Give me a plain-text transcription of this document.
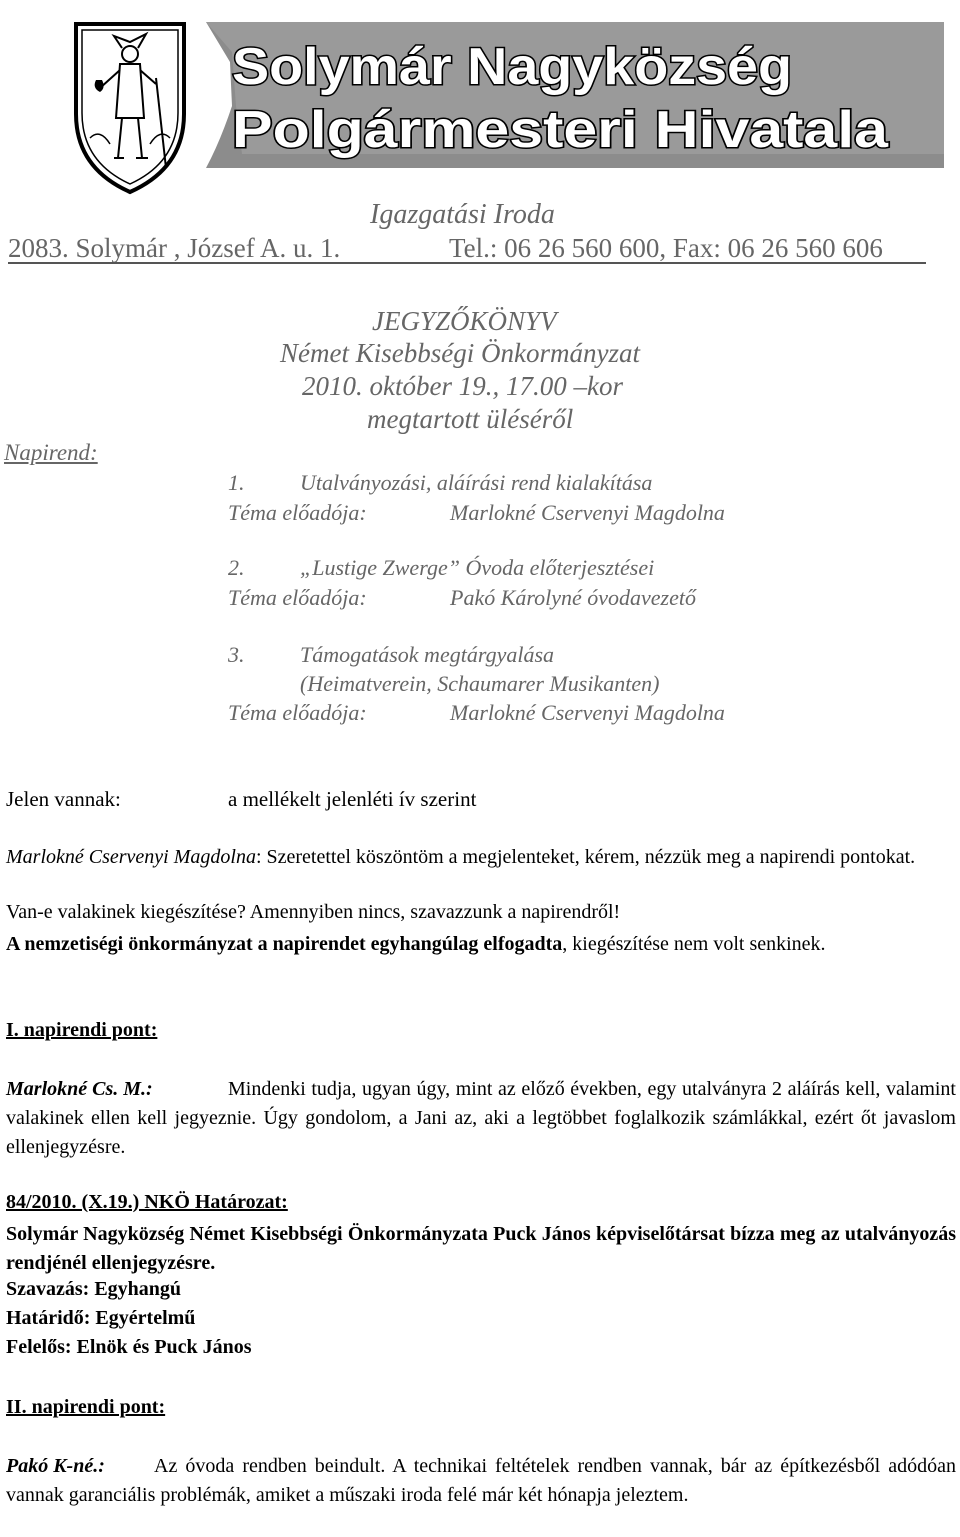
Solymár Nagyközség
Polgármesteri Hivatala
Igazgatási Iroda
2083. Solymár , József A. u. 1.	Tel.: 06 26 560 600, Fax: 06 26 560 606
JEGYZŐKÖNYV
Német Kisebbségi Önkormányzat
2010. október 19., 17.00 –kor
megtartott üléséről
Napirend:
1.	Utalványozási, aláírási rend kialakítása
Téma előadója:	Marlokné Cservenyi Magdolna
2.	„Lustige Zwerge” Óvoda előterjesztései
Téma előadója:	Pakó Károlyné óvodavezető
3.	Támogatások megtárgyalása
(Heimatverein, Schaumarer Musikanten)
Téma előadója:	Marlokné Cservenyi Magdolna
Jelen vannak:	a mellékelt jelenléti ív szerint
Marlokné Cservenyi Magdolna: Szeretettel köszöntöm a megjelenteket, kérem, nézzük meg a napirendi pontokat.
Van-e valakinek kiegészítése? Amennyiben nincs, szavazzunk a napirendről!
A nemzetiségi önkormányzat a napirendet egyhangúlag elfogadta, kiegészítése nem volt senkinek.
I. napirendi pont:
Marlokné Cs. M.:	Mindenki tudja, ugyan úgy, mint az előző években, egy utalványra 2 aláírás kell, valamint valakinek ellen kell jegyeznie. Úgy gondolom, a Jani az, aki a legtöbbet foglalkozik számlákkal, ezért őt javaslom ellenjegyzésre.
84/2010. (X.19.) NKÖ Határozat:
Solymár Nagyközség Német Kisebbségi Önkormányzata Puck János képviselőtársat bízza meg az utalványozás rendjénél ellenjegyzésre.
Szavazás: Egyhangú
Határidő: Egyértelmű
Felelős: Elnök és Puck János
II. napirendi pont:
Pakó K-né.: Az óvoda rendben beindult. A technikai feltételek rendben vannak, bár az építkezésből adódóan vannak garanciális problémák, amiket a műszaki iroda felé már két hónapja jeleztem.
